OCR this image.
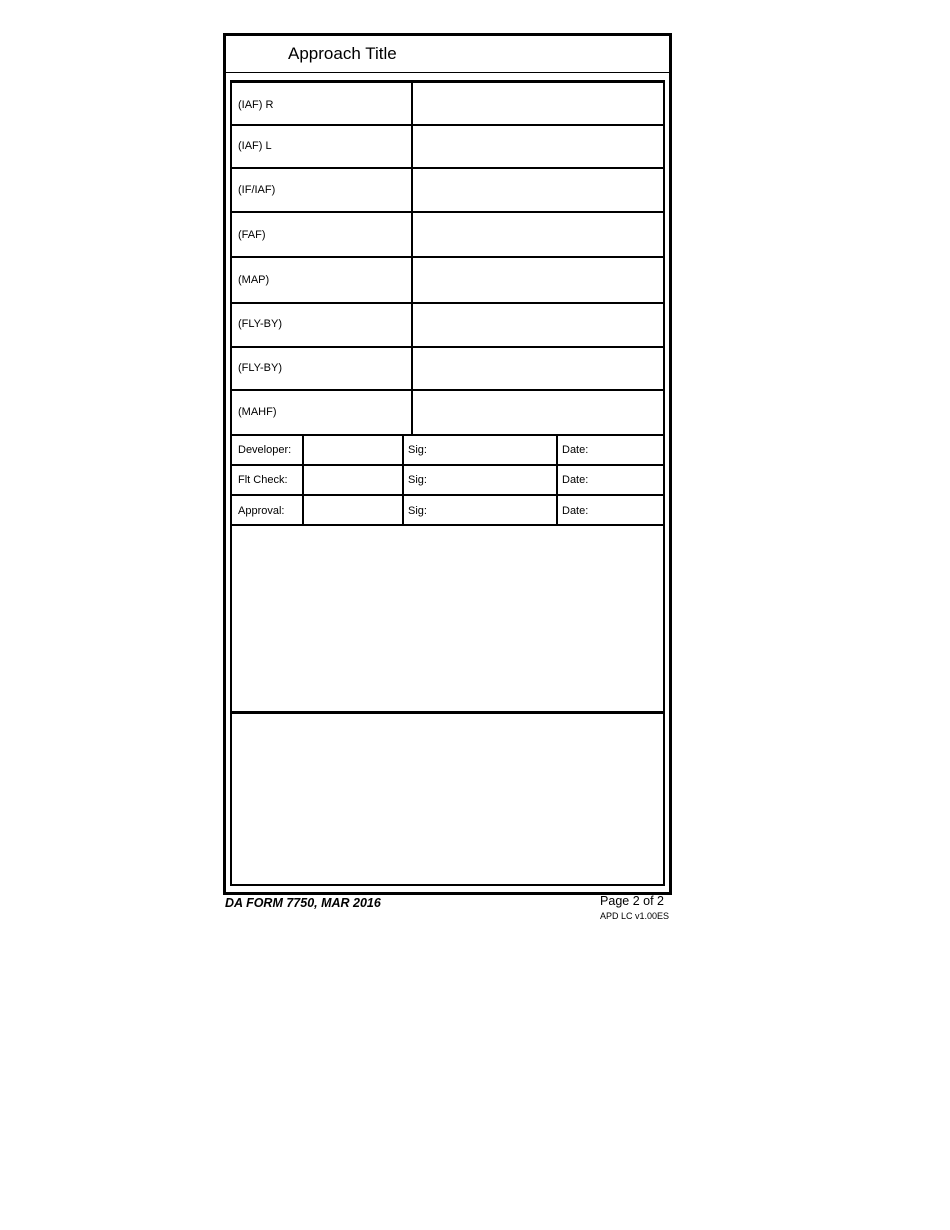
Approach Title
(IAF) R
(IAF) L
(IF/IAF)
(FAF)
(MAP)
(FLY-BY)
(FLY-BY)
(MAHF)
Developer:	Sig:	Date:
Flt Check:	Sig:	Date:
Approval:	Sig:	Date:
DA FORM 7750, MAR 2016	Page 2 of 2
APD LC v1.00ES
